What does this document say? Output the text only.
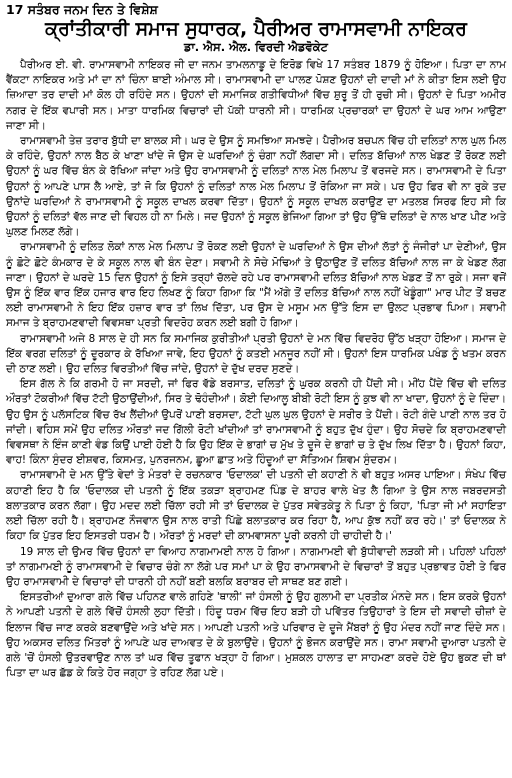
17 ਸਤੰਬਰ ਜਨਮ ਦਿਨ ਤੇ ਵਿਸ਼ੇਸ਼
ਕ੍ਰਾਂਤੀਕਾਰੀ ਸਮਾਜ ਸੁਧਾਰਕ, ਪੈਰੀਅਰ ਰਾਮਾਸਵਾਮੀ ਨਾਇਕਰ
ਡਾ. ਐਸ. ਐਲ. ਵਿਰਦੀ ਐਡਵੋਕੇਟ

ਪੈਰੀਅਰ ਈ. ਵੀ. ਰਾਮਾਸਵਾਮੀ ਨਾਇਕਰ ਜੀ ਦਾ ਜਨਮ ਤਾਮਲਨਾਡੂ ਦੇ ਇਰੋਡ ਵਿਖੇ 17 ਸਤੰਬਰ 1879 ਨੂੰ ਹੋਇਆ। ਪਿਤਾ ਦਾ ਨਾਮ ਵੈਂਕਟਾ ਨਾਇਕਰ ਅਤੇ ਮਾਂ ਦਾ ਨਾਂ ਚਿੰਨਾ ਥਾਈ ਅੰਮਾਲ ਸੀ। ਰਾਮਾਸਵਾਮੀ ਦਾ ਪਾਲਣ ਪੋਸ਼ਣ ਉਹਨਾਂ ਦੀ ਦਾਦੀ ਮਾਂ ਨੇ ਕੀਤਾ ਇਸ ਲਈ ਉਹ ਜ਼ਿਆਦਾ ਤਰ ਦਾਦੀ ਮਾਂ ਕੋਲ ਹੀ ਰਹਿੰਦੇ ਸਨ। ਉਹਨਾਂ ਦੀ ਸਮਾਜਿਕ ਗਤੀਵਿਧੀਆਂ ਵਿੱਚ ਸ਼ੁਰੂ ਤੋਂ ਹੀ ਰੁਚੀ ਸੀ। ਉਹਨਾਂ ਦੇ ਪਿਤਾ ਅਮੀਰ ਨਗਰ ਦੇ ਇੱਕ ਵਪਾਰੀ ਸਨ। ਮਾਤਾ ਧਾਰਮਿਕ ਵਿਚਾਰਾਂ ਦੀ ਪੱਕੀ ਧਾਰਨੀ ਸੀ। ਧਾਰਮਿਕ ਪ੍ਰਚਾਰਕਾਂ ਦਾ ਉਹਨਾਂ ਦੇ ਘਰ ਆਮ ਆਉਣਾ ਜਾਣਾ ਸੀ।

ਰਾਮਾਸਵਾਮੀ ਤੇਜ਼ ਤਰਾਰ ਬੁੱਧੀ ਦਾ ਬਾਲਕ ਸੀ। ਘਰ ਦੇ ਉਸ ਨੂੰ ਸਮਝਿਆ ਸਮਝਦੇ। ਪੈਰੀਅਰ ਬਚਪਨ ਵਿੱਚ ਹੀ ਦਲਿਤਾਂ ਨਾਲ ਘੁਲ ਮਿਲ ਕੇ ਰਹਿੰਦੇ, ਉਹਨਾਂ ਨਾਲ ਬੈਠ ਕੇ ਖਾਣਾ ਖਾਂਦੇ ਜੋ ਉਸ ਦੇ ਘਰਦਿਆਂ ਨੂੰ ਚੰਗਾ ਨਹੀਂ ਲੱਗਦਾ ਸੀ। ਦਲਿਤ ਬੱਚਿਆਂ ਨਾਲ ਖੇਡਣ ਤੋਂ ਰੋਕਣ ਲਈ ਉਹਨਾਂ ਨੂੰ ਘਰ ਵਿੱਚ ਬੰਨ ਕੇ ਰੱਖਿਆ ਜਾਂਦਾ ਅਤੇ ਉਹ ਰਾਮਾਸਵਾਮੀ ਨੂੰ ਦਲਿਤਾਂ ਨਾਲ ਮੇਲ ਮਿਲਾਪ ਤੋਂ ਵਰਜਦੇ ਸਨ। ਰਾਮਾਸਵਾਮੀ ਦੇ ਪਿਤਾ ਉਹਨਾਂ ਨੂੰ ਆਪਣੇ ਪਾਸ ਲੈ ਆਏ, ਤਾਂ ਜੋ ਕਿ ਉਹਨਾਂ ਨੂੰ ਦਲਿਤਾਂ ਨਾਲ ਮੇਲ ਮਿਲਾਪ ਤੋਂ ਰੋਕਿਆ ਜਾ ਸਕੇ। ਪਰ ਉਹ ਫਿਰ ਵੀ ਨਾ ਰੁਕੇ ਤਦ ਉਨਾਂਦੇ ਘਰਦਿਆਂ ਨੇ ਰਾਮਾਸਵਾਮੀ ਨੂੰ ਸਕੂਲ ਦਾਖਲ ਕਰਵਾ ਦਿੱਤਾ। ਉਹਨਾਂ ਨੂੰ ਸਕੂਲ ਦਾਖਲ ਕਰਾਉਣ ਦਾ ਮਤਲਬ ਸਿਰਫ ਇਹ ਸੀ ਕਿ ਉਹਨਾਂ ਨੂੰ ਦਲਿਤਾਂ ਵੱਲ ਜਾਣ ਦੀ ਵਿਹਲ ਹੀ ਨਾ ਮਿਲੇ। ਜਦ ਉਹਨਾਂ ਨੂੰ ਸਕੂਲ ਭੇਜਿਆ ਗਿਆ ਤਾਂ ਉਹ ਉੱਥੇ ਦਲਿਤਾਂ ਦੇ ਨਾਲ ਖਾਣ ਪੀਣ ਅਤੇ ਘੁਲਣ ਮਿਲਣ ਲੱਗੇ।

ਰਾਮਾਸਵਾਮੀ ਨੂੰ ਦਲਿਤ ਲੋਕਾਂ ਨਾਲ ਮੇਲ ਮਿਲਾਪ ਤੋਂ ਰੋਕਣ ਲਈ ਉਹਨਾਂ ਦੇ ਘਰਦਿਆਂ ਨੇ ਉਸ ਦੀਆਂ ਲੱਤਾਂ ਨੂੰ ਜੰਜੀਰਾਂ ਪਾ ਦੇਣੀਆਂ, ਉਸ ਨੂੰ ਛੋਟੇ ਛੋਟੇ ਕੰਮਕਾਰ ਦੇ ਕੇ ਸਕੂਲ ਨਾਲ ਵੀ ਬੰਨ ਦੇਣਾ। ਸਵਾਮੀ ਨੇ ਸੋਚੇ ਮੋਢਿਆਂ ਤੇ ਉਠਾਉਣ ਤੋਂ ਦਲਿਤ ਬੱਚਿਆਂ ਨਾਲ ਜਾ ਕੇ ਖੇਡਣ ਲੱਗ ਜਾਣਾ। ਉਹਨਾਂ ਦੇ ਘਰਦੇ 15 ਦਿਨ ਉਹਨਾਂ ਨੂੰ ਇਸੇ ਤਰ੍ਹਾਂ ਚੱਲਦੇ ਰਹੇ ਪਰ ਰਾਮਾਸਵਾਮੀ ਦਲਿਤ ਬੱਚਿਆਂ ਨਾਲ ਖੇਡਣ ਤੋਂ ਨਾ ਰੁਕੇ। ਸਜਾ ਵਜੋਂ ਉਸ ਨੂੰ ਇੱਕ ਵਾਰ ਇੱਕ ਹਜਾਰ ਵਾਰ ਇਹ ਲਿਖਣ ਨੂੰ ਕਿਹਾ ਗਿਆ ਕਿ "ਮੈਂ ਅੱਗੇ ਤੋਂ ਦਲਿਤ ਬੱਚਿਆਂ ਨਾਲ ਨਹੀਂ ਖੇਡੂੰਗਾ" ਮਾਰ ਪੀਟ ਤੋਂ ਬਚਣ ਲਈ ਰਾਮਾਸਵਾਮੀ ਨੇ ਇਹ ਇੱਕ ਹਜ਼ਾਰ ਵਾਰ ਤਾਂ ਲਿਖ ਦਿੱਤਾ, ਪਰ ਉਸ ਦੇ ਮਸੂਮ ਮਨ ਉੱਤੇ ਇਸ ਦਾ ਉਲਟ ਪ੍ਰਭਾਵ ਪਿਆ। ਸਵਾਮੀ ਸਮਾਜ ਤੇ ਬ੍ਰਾਹਮਣਵਾਦੀ ਵਿਵਸਥਾ ਪ੍ਰਤੀ ਵਿਦਰੋਹ ਕਰਨ ਲਈ ਬਗੀ ਹੋ ਗਿਆ।

ਰਾਮਾਸਵਾਮੀ ਅਜੇ 8 ਸਾਲ ਦੇ ਹੀ ਸਨ ਕਿ ਸਮਾਜਿਕ ਕੁਰੀਤੀਆਂ ਪ੍ਰਤੀ ਉਹਨਾਂ ਦੇ ਮਨ ਵਿੱਚ ਵਿਦਰੋਹ ਉੱਠ ਖੜ੍ਹਾ ਹੋਇਆ। ਸਮਾਜ ਦੇ ਇੱਕ ਵਰਗ ਦਲਿਤਾਂ ਨੂੰ ਦੂਰਕਾਰ ਕੇ ਰੱਖਿਆ ਜਾਵੇ, ਇਹ ਉਹਨਾਂ ਨੂੰ ਕਤਈ ਮਨਜੂਰ ਨਹੀਂ ਸੀ। ਉਹਨਾਂ ਇਸ ਧਾਰਮਿਕ ਪਖੰਡ ਨੂੰ ਖਤਮ ਕਰਨ ਦੀ ਠਾਣ ਲਈ। ਉਹ ਦਲਿਤ ਵਿਰਤੀਆਂ ਵਿੱਚ ਜਾਂਦੇ, ਉਹਨਾਂ ਦੇ ਦੁੱਖ ਦਰਦ ਸੁਣਦੇ।

ਇਸ ਗੱਲ ਨੇ ਕਿ ਗਰਮੀ ਹੋ ਜਾ ਸਰਦੀ, ਜਾਂ ਫਿਰ ਵੱਡੇ ਬਰਸਾਤ, ਦਲਿਤਾਂ ਨੂੰ ਘੁਰਕ ਕਰਨੀ ਹੀ ਪੈਂਦੀ ਸੀ। ਮੀਂਹ ਪੈਂਦੇ ਵਿੱਚ ਵੀ ਦਲਿਤ ਔਰਤਾਂ ਟੋਕਰੀਆਂ ਵਿੱਚ ਟੱਟੀ ਉਠਾਉਂਦੀਆਂ, ਸਿਰ ਤੇ ਢੋਹੰਦੀਆਂ। ਕੋਈ ਦਿਆਲੂ ਬੀਬੀ ਰੋਟੀ ਇਸ ਨੂੰ ਕੁਝ ਵੀ ਨਾ ਖਾਦਾ, ਉਹਨਾਂ ਨੂੰ ਦੇ ਦਿੰਦਾ। ਉਹ ਉਸ ਨੂੰ ਪਲੱਸਟਿਕ ਵਿੱਚ ਰੱਖ ਲੈਂਦੀਆਂ ਉਪਰੋਂ ਪਾਣੀ ਬਰਸਦਾ, ਟੱਟੀ ਘੁਲ ਘੁਲ ਉਹਨਾਂ ਦੇ ਸਰੀਰ ਤੇ ਪੈਂਦੀ। ਰੋਟੀ ਗੰਦੇ ਪਾਣੀ ਨਾਲ ਤਰ ਹੋ ਜਾਂਦੀ। ਵਹਿਸ ਸਮੇਂ ਉਹ ਦਲਿਤ ਔਰਤਾਂ ਜਦ ਗਿੱਲੀ ਰੋਟੀ ਖਾਂਦੀਆਂ ਤਾਂ ਰਾਮਾਸਵਾਮੀ ਨੂੰ ਬਹੁਤ ਦੁੱਖ ਹੁੰਦਾ। ਉਹ ਸੋਚਦੇ ਕਿ ਬ੍ਰਾਹਮਣਵਾਦੀ ਵਿਵਸਥਾ ਨੇ ਇੰਜ ਕਾਣੀ ਵੰਡ ਕਿਉਂ ਪਾਈ ਹੋਈ ਹੈ ਕਿ ਉਹ ਇੱਕ ਦੇ ਭਾਗਾਂ ਚ ਮੁੱਖ ਤੇ ਦੂਜੇ ਦੇ ਭਾਗਾਂ ਚ ਤੇ ਦੁੱਖ ਲਿਖ ਦਿੱਤਾ ਹੈ। ਉਹਨਾਂ ਕਿਹਾ, ਵਾਹ! ਕਿੰਨਾ ਸੁੰਦਰ ਈਸ਼ਵਰ, ਕਿਸਮਤ, ਪੁਨਰਜਨਮ, ਛੂਆ ਛਾਤ ਅਤੇ ਹਿੰਦੂਆਂ ਦਾ ਸੱਤਿਅਮ ਸ਼ਿਵਮ ਸੁੰਦਰਮ।

ਰਾਮਾਸਵਾਮੀ ਦੇ ਮਨ ਉੱਤੇ ਵੇਦਾਂ ਤੇ ਮੰਤਰਾਂ ਦੇ ਰਚਨਕਾਰ 'ਓਦਾਲਕ' ਦੀ ਪਤਨੀ ਦੀ ਕਹਾਣੀ ਨੇ ਵੀ ਬਹੁਤ ਅਸਰ ਪਾਇਆ। ਸੰਖੇਪ ਵਿੱਚ ਕਹਾਣੀ ਇਹ ਹੈ ਕਿ 'ਓਦਾਲਕ ਦੀ ਪਤਨੀ ਨੂੰ ਇੱਕ ਤਕੜਾ ਬ੍ਰਾਹਮਣ ਪਿੰਡ ਦੇ ਬਾਹਰ ਵਾਲੇ ਖੇਤ ਲੈ ਗਿਆ ਤੇ ਉਸ ਨਾਲ ਜਬਰਦਸਤੀ ਬਲਾਤਕਾਰ ਕਰਨ ਲੱਗਾ। ਉਹ ਮਦਦ ਲਈ ਚਿੱਲਾ ਰਹੀ ਸੀ ਤਾਂ ਓਦਾਲਕ ਦੇ ਪੁੱਤਰ ਸਵੇਤਕੇਤੂ ਨੇ ਪਿਤਾ ਨੂੰ ਕਿਹਾ, 'ਪਿਤਾ ਜੀ ਮਾਂ ਸਹਾਇਤਾ ਲਈ ਚਿੱਲਾ ਰਹੀ ਹੈ। ਬ੍ਰਾਹਮਣ ਨੌਜਵਾਨ ਉਸ ਨਾਲ ਰਾਤੀ ਪਿੱਛੇ ਬਲਾਤਕਾਰ ਕਰ ਰਿਹਾ ਹੈ, ਆਪ ਕੁੱਝ ਨਹੀਂ ਕਰ ਰਹੇ।' ਤਾਂ ਓਦਾਲਕ ਨੇ ਕਿਹਾ ਕਿ ਪੁੱਤਰ ਇਹ ਇਸਤਰੀ ਧਰਮ ਹੈ। ਔਰਤਾਂ ਨੂੰ ਮਰਦਾਂ ਦੀ ਕਾਮਵਾਸਨਾ ਪੂਰੀ ਕਰਨੀ ਹੀ ਚਾਹੀਦੀ ਹੈ।'

19 ਸਾਲ ਦੀ ਉਮਰ ਵਿੱਚ ਉਹਨਾਂ ਦਾ ਵਿਆਹ ਨਾਗਮਾਮਈ ਨਾਲ ਹੋ ਗਿਆ। ਨਾਗਮਾਮਈ ਵੀ ਬੁੱਧੀਵਾਦੀ ਲੜਕੀ ਸੀ। ਪਹਿਲਾਂ ਪਹਿਲਾਂ ਤਾਂ ਨਾਗਮਾਮਈ ਨੂੰ ਰਾਮਾਸਵਾਮੀ ਦੇ ਵਿਚਾਰ ਚੰਗੇ ਨਾ ਲੱਗੇ ਪਰ ਸਮਾਂ ਪਾ ਕੇ ਉਹ ਰਾਮਾਸਵਾਮੀ ਦੇ ਵਿਚਾਰਾਂ ਤੋਂ ਬਹੁਤ ਪ੍ਰਭਾਵਤ ਹੋਈ ਤੇ ਫਿਰ ਉਹ ਰਾਮਾਸਵਾਮੀ ਦੇ ਵਿਚਾਰਾਂ ਦੀ ਧਾਰਨੀ ਹੀ ਨਹੀਂ ਬਣੀ ਬਲਕਿ ਬਰਾਬਰ ਦੀ ਸਾਥਣ ਬਣ ਗਈ।

ਇਸਤਰੀਆਂ ਦੁਆਰਾ ਗਲੇ ਵਿੱਚ ਪਹਿਨਣ ਵਾਲੇ ਗਹਿਣੇ 'ਥਾਲੀ' ਜਾਂ ਹੰਸਲੀ ਨੂੰ ਉਹ ਗੁਲਾਮੀ ਦਾ ਪ੍ਰਤੀਕ ਮੰਨਦੇ ਸਨ। ਇਸ ਕਰਕੇ ਉਹਨਾਂ ਨੇ ਆਪਣੀ ਪਤਨੀ ਦੇ ਗਲੇ ਵਿੱਚੋਂ ਹੰਸਲੀ ਲੁਹਾ ਦਿੱਤੀ। ਹਿੰਦੂ ਧਰਮ ਵਿੱਚ ਇਹ ਬੜੀ ਹੀ ਪਵਿੱਤਰ ਤਿਉਹਾਰਾਂ ਤੇ ਇਸ ਦੀ ਸਵਾਦੀ ਚੀਜ਼ਾਂ ਦੇ ਇਲਾਜ ਵਿੱਚ ਜਾਣ ਕਰਕੇ ਬਣਵਾਉਂਦੇ ਅਤੇ ਖਾਂਦੇ ਸਨ। ਆਪਣੀ ਪਤਨੀ ਅਤੇ ਪਰਿਵਾਰ ਦੇ ਦੂਜੇ ਮੈਂਬਰਾਂ ਨੂੰ ਉਹ ਮੰਦਰ ਨਹੀਂ ਜਾਣ ਦਿੰਦੇ ਸਨ। ਉਹ ਅਕਸਰ ਦਲਿਤ ਮਿੱਤਰਾਂ ਨੂੰ ਆਪਣੇ ਘਰ ਦਾਅਵਤ ਦੇ ਕੇ ਬੁਲਾਉਂਦੇ। ਉਹਨਾਂ ਨੂੰ ਭੋਜਨ ਕਰਾਉਂਦੇ ਸਨ। ਰਾਮਾ ਸਵਾਮੀ ਦੁਆਰਾ ਪਤਨੀ ਦੇ ਗਲੇ 'ਚੋਂ ਹੰਸਲੀ ਉਤਰਵਾਉਣ ਨਾਲ ਤਾਂ ਘਰ ਵਿੱਚ ਤੂਫਾਨ ਖੜ੍ਹਾ ਹੋ ਗਿਆ। ਮੁਸ਼ਕਲ ਹਾਲਾਤ ਦਾ ਸਾਹਮਣਾ ਕਰਦੇ ਹੋਏ ਉਹ ਭੁਕਣ ਦੀ ਥਾਂ ਪਿਤਾ ਦਾ ਘਰ ਛੱਡ ਕੇ ਕਿਤੇ ਹੋਰ ਜਗ੍ਹਾ ਤੇ ਰਹਿਣ ਲੱਗ ਪਏ।
